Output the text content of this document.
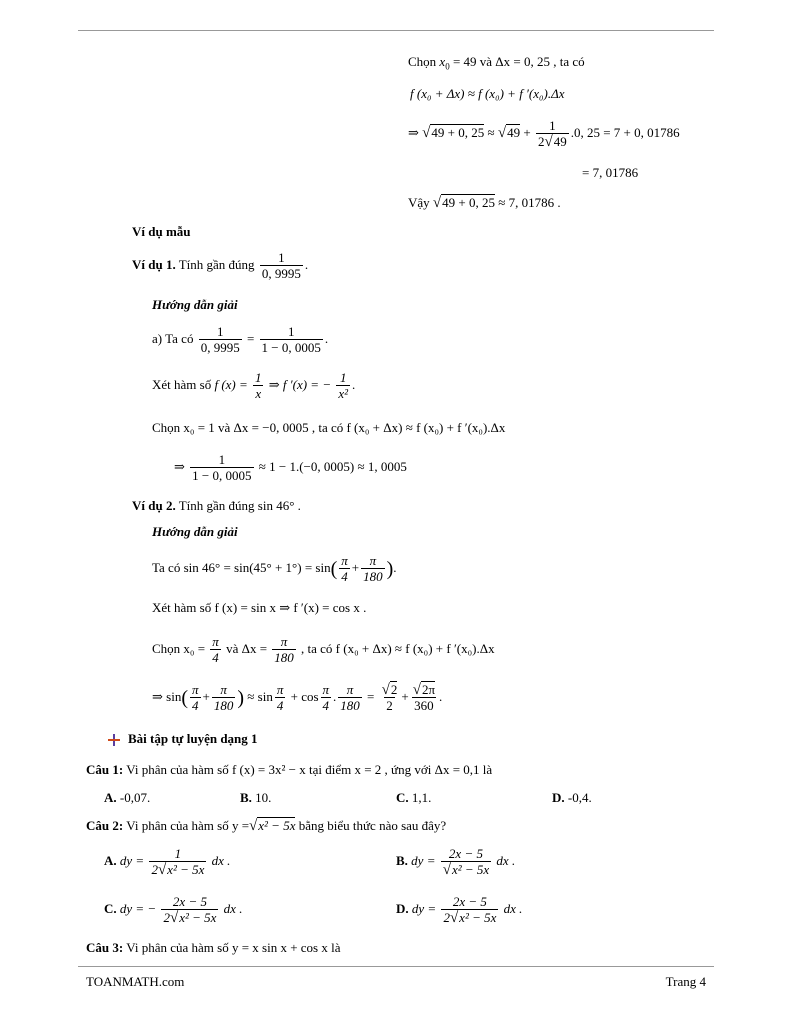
Chọn $x_0 = 49$ và Δx = 0, 25 , ta có
f (x₀ + Δx) ≈ f (x₀) + f ′(x₀).Δx
⇒ √49 + 0, $25 \approx √49 + \frac{1}{2√49} .0$, 25 = 7 + 0, 01786
= 7, 01786
Vậy √49 + 0, 25 ≈ 7, 01786 .
Ví dụ mẫu
Ví dụ 1. Tính gần đúng $\frac{1}{0, 9995}$ .
Hướng dẫn giải
a) Ta có $\frac{1}{0, 9995} = \frac{1}{1 - 0, 0005}$ .
Xét hàm số f $(x) = \frac{1}{x}$ ⇒ f ′(x) = − $\frac{1}{\text{x²}}$ .
Chọn x₀ = 1 và Δx = −0, 0005 , ta có f (x₀ + Δx) ≈ f (x₀) + f ′(x₀).Δx
⇒ $\frac{1}{1 - 0, 0005} \approx 1 - 1.(-0$, 0005) ≈ 1, 0005
Ví dụ 2. Tính gần đúng sin 46° .
Hướng dẫn giải
Ta có $\sin 46^\circ = \sin(45^\circ + 1^\circ) = \sin( \frac{\pi}{4} + \frac{\pi}{180}$ ).
Xét hàm số f (x) = sin x ⇒ f ′(x) = cos x .
Chọn $x_0 = \frac{\pi}{4}$ và $\Delta x = \frac{\pi}{180}$ , ta có f (x₀ + Δx) ≈ f (x₀) + f ′(x₀).Δx
⇒ $\sin( \frac{\pi}{4} + \frac{\pi}{180}$ ) ≈ $\sin \frac{\pi}{4} + \cos \frac{\pi}{4}$ . $\frac{\pi}{180} = \frac{√2}{2} + \frac{√2\pi}{360}$ .
Bài tập tự luyện dạng 1
Câu 1: Vi phân của hàm số f (x) = 3x² − x tại điểm x = 2 , ứng với Δx = 0,1 là
A. -0,07.	B. 10.	C. 1,1.	D. -0,4.
Câu 2: Vi phân của hàm số y =√x² − 5x bằng biểu thức nào sau đây?
A. dy = $\frac{1}{\text{2√x² − 5x}}$ dx .	B. dy = $\frac{2x - 5}{\text{√x² − 5x}}$ dx .
C. dy = − $\frac{2x - 5}{\text{2√x² − 5x}}$ dx .	D. dy = $\frac{2x - 5}{\text{2√x² − 5x}}$ dx .
Câu 3: Vi phân của hàm số y = x sin x + cos x là
TOANMATH.com	Trang 4
